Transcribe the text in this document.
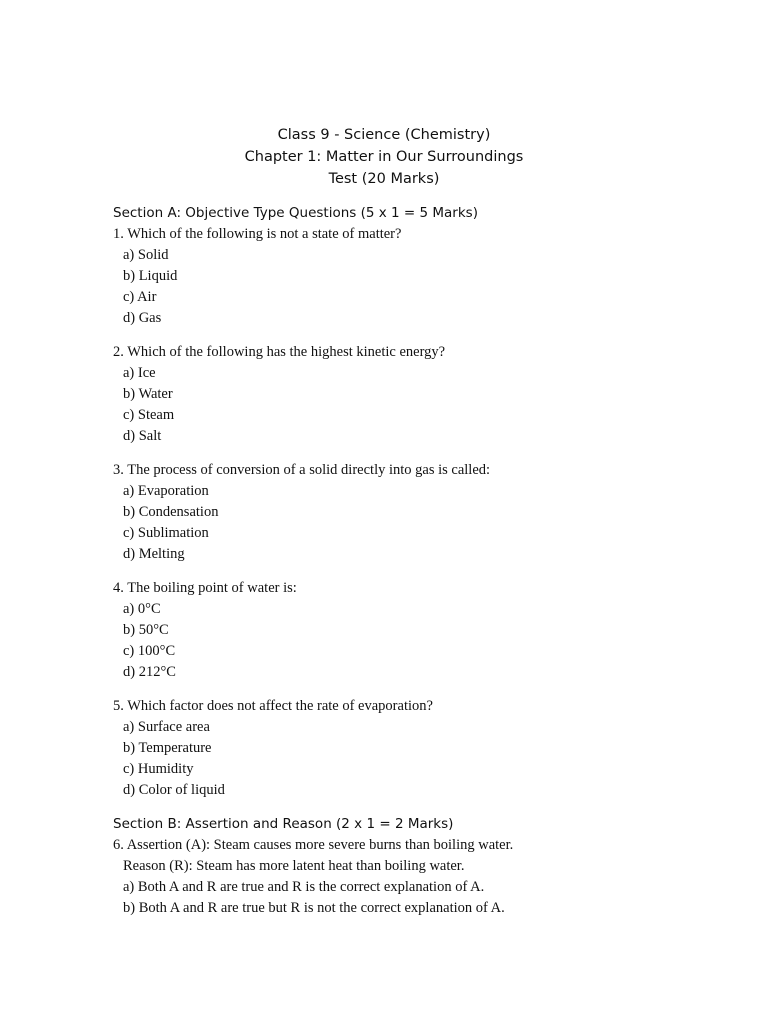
Class 9 - Science (Chemistry)
Chapter 1: Matter in Our Surroundings
Test (20 Marks)
Section A: Objective Type Questions (5 x 1 = 5 Marks)
1. Which of the following is not a state of matter?
a) Solid
b) Liquid
c) Air
d) Gas
2. Which of the following has the highest kinetic energy?
a) Ice
b) Water
c) Steam
d) Salt
3. The process of conversion of a solid directly into gas is called:
a) Evaporation
b) Condensation
c) Sublimation
d) Melting
4. The boiling point of water is:
a) 0°C
b) 50°C
c) 100°C
d) 212°C
5. Which factor does not affect the rate of evaporation?
a) Surface area
b) Temperature
c) Humidity
d) Color of liquid
Section B: Assertion and Reason (2 x 1 = 2 Marks)
6. Assertion (A): Steam causes more severe burns than boiling water.
Reason (R): Steam has more latent heat than boiling water.
a) Both A and R are true and R is the correct explanation of A.
b) Both A and R are true but R is not the correct explanation of A.
